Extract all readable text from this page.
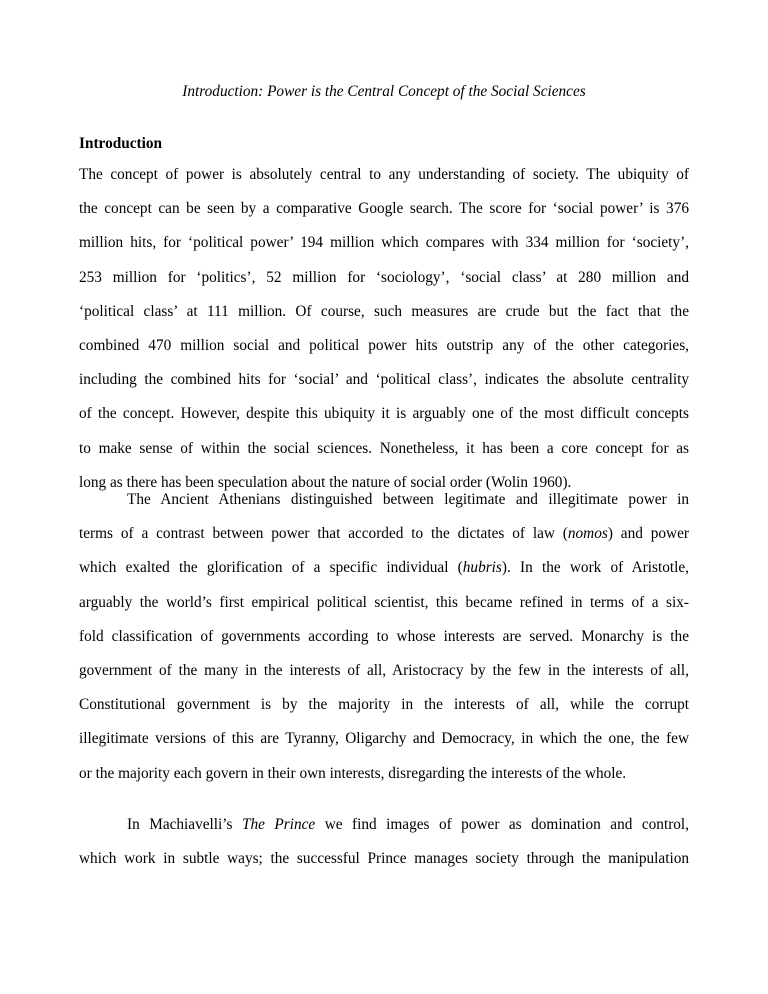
Introduction: Power is the Central Concept of the Social Sciences
Introduction
The concept of power is absolutely central to any understanding of society. The ubiquity of
the concept can be seen by a comparative Google search. The score for ‘social power’ is 376
million hits, for ‘political power’ 194 million which compares with 334 million for ‘society’,
253 million for ‘politics’, 52 million for ‘sociology’, ‘social class’ at 280 million and
‘political class’ at 111 million. Of course, such measures are crude but the fact that the
combined 470 million social and political power hits outstrip any of the other categories,
including the combined hits for ‘social’ and ‘political class’, indicates the absolute centrality
of the concept. However, despite this ubiquity it is arguably one of the most difficult concepts
to make sense of within the social sciences. Nonetheless, it has been a core concept for as
long as there has been speculation about the nature of social order (Wolin 1960).
The Ancient Athenians distinguished between legitimate and illegitimate power in
terms of a contrast between power that accorded to the dictates of law (nomos) and power
which exalted the glorification of a specific individual (hubris). In the work of Aristotle,
arguably the world’s first empirical political scientist, this became refined in terms of a six-
fold classification of governments according to whose interests are served. Monarchy is the
government of the many in the interests of all, Aristocracy by the few in the interests of all,
Constitutional government is by the majority in the interests of all, while the corrupt
illegitimate versions of this are Tyranny, Oligarchy and Democracy, in which the one, the few
or the majority each govern in their own interests, disregarding the interests of the whole.
In Machiavelli’s The Prince we find images of power as domination and control,
which work in subtle ways; the successful Prince manages society through the manipulation
